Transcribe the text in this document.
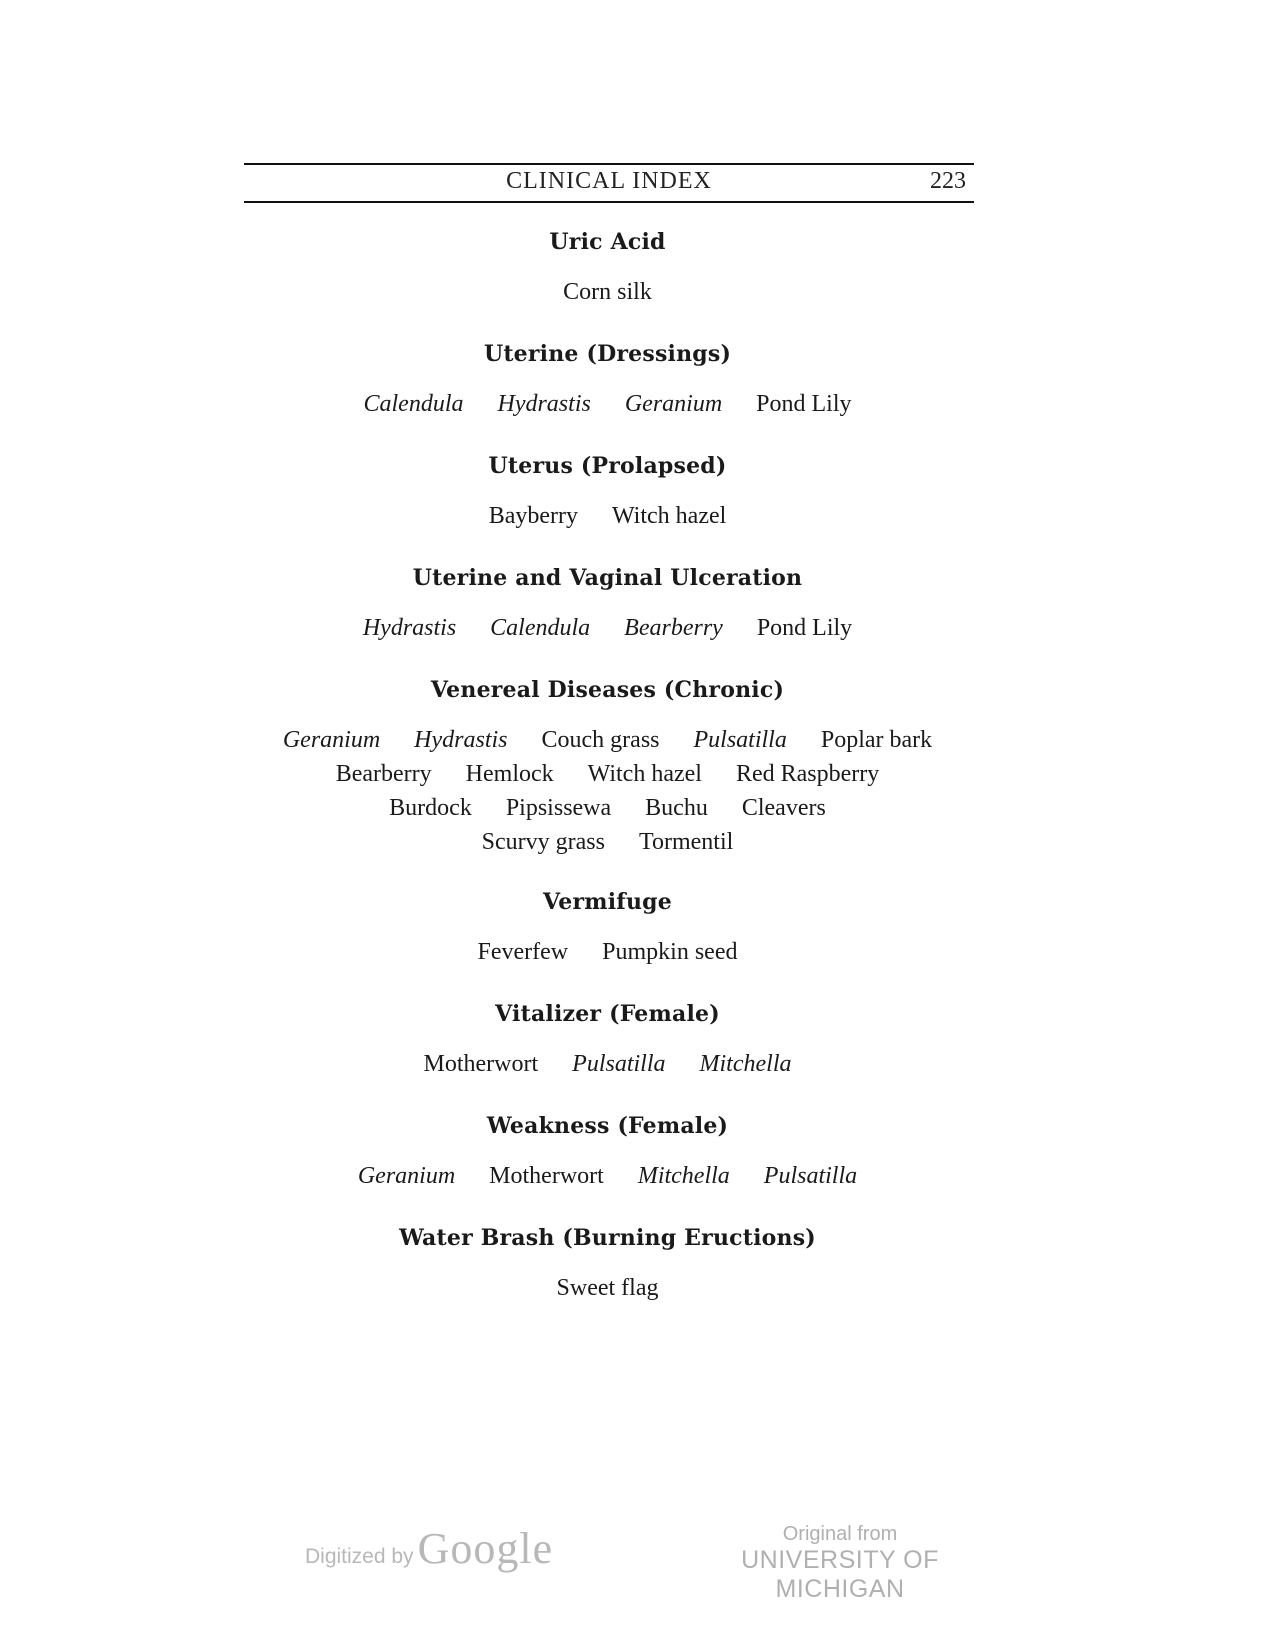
CLINICAL INDEX	223
Uric Acid
Corn silk
Uterine (Dressings)
Calendula Hydrastis Geranium Pond Lily
Uterus (Prolapsed)
Bayberry Witch hazel
Uterine and Vaginal Ulceration
Hydrastis Calendula Bearberry Pond Lily
Venereal Diseases (Chronic)
Geranium Hydrastis Couch grass Pulsatilla Poplar bark
Bearberry Hemlock Witch hazel Red Raspberry
Burdock Pipsissewa Buchu Cleavers
Scurvy grass Tormentil
Vermifuge
Feverfew Pumpkin seed
Vitalizer (Female)
Motherwort Pulsatilla Mitchella
Weakness (Female)
Geranium Motherwort Mitchella Pulsatilla
Water Brash (Burning Eructions)
Sweet flag
Digitized by Google	Original from
UNIVERSITY OF MICHIGAN
